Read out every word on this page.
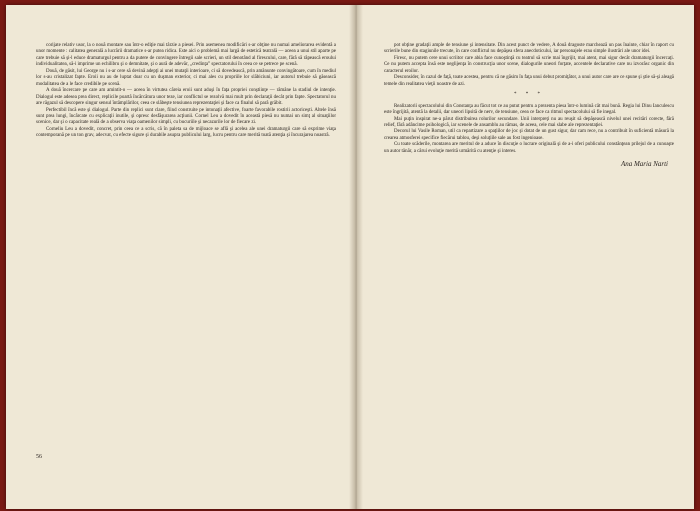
corijate relativ usor, la o nouă montare sau într-o ediţie mai târzie a piesei. Prin asemenea modificări s-ar obţine nu numai ameliorarea evidentă a unor momente : calitatea generală a lucrării dramatice s-ar putea ridica. Este aici o problemă mai largă de estetică teatrală — aceea a unui stil aparte pe care trebuie să şi-l educe dramaturgul pentru a da putere de convingere întregii sale scrieri, un stil denotând al firescului, care, fără să răpească eroului individualitatea, să-i imprime un echilibru şi o demnitate, şi o aură de adevăr, „credinţa” spectatorului în ceea ce se petrece pe scenă.

Două, de găsit, lui George nu i s-ar cere să devină adepţi ai unei mutaţii interioare, ci să dovedească, prin amănunte convingătoare, cum în mediul lor s-au cristalizat fapte. Eroii nu au de luptat doar cu un duşman exterior, ci mai ales cu propriile lor slăbiciuni, iar autorul trebuie să găsească modalitatea de a le face credibile pe scenă.

A două încercare pe care am amintit-o — aceea în virtutea căreia eroii sunt aduşi în faţa propriei conştiinţe — rămâne la stadiul de intenţie. Dialogul este adesea prea direct, replicile poartă încărcătura unor teze, iar conflictul se rezolvă mai mult prin declaraţii decât prin fapte. Spectatorul nu are răgazul să descopere singur sensul întâmplărilor, ceea ce slăbeşte tensiunea reprezentaţiei şi face ca finalul să pară grăbit.

Perfectibil încă este şi dialogul. Parte din replici sunt clare, fiind construite pe intonaţii afective, foarte favorabile rostirii actoriceşti. Altele însă sunt prea lungi, încărcate cu explicaţii inutile, şi opresc desfăşurarea acţiunii. Cornel Leu a dovedit în această piesă nu numai un simţ al situaţiilor scenice, dar şi o capacitate reală de a observa viaţa oamenilor simpli, cu bucuriile şi necazurile lor de fiecare zi.

Corneliu Leu a dovedit, concret, prin ceea ce a scris, că în paleta sa de mijloace se află şi acelea ale unei dramaturgii care să exprime viaţa contemporană pe un ton grav, adecvat, cu efecte sigure şi durabile asupra publicului larg, lucru pentru care merită toată atenţia şi încurajarea noastră.

56

pot obţine gradaţii ample de tensiune şi intensitate. Din acest punct de vedere, A două dragoste marchează un pas înainte, chiar în raport cu scrierile bune din stagiunile trecute, în care conflictul nu depăşea sfera anecdoticului, iar personajele erau simple ilustrări ale unor idei.

Firesc, nu putem cere unui scriitor care abia face cunoştinţă cu teatrul să scrie mai îngrijit, mai atent, mai sigur decât dramaturgii încercaţi. Ce nu putem accepta însă este neglijenţa în construcţia unor scene, dialogurile uneori forţate, accentele declarative care nu izvorăsc organic din caracterul eroilor.

Desconsider, în cazul de faţă, toate acestea, pentru că ne găsim în faţa unui debut promiţător, a unui autor care are ce spune şi ştie să-şi aleagă temele din realitatea vieţii noastre de azi.

* * *

Realizatorii spectacolului din Constanţa au făcut tot ce au putut pentru a prezenta piesa într-o lumină cât mai bună. Regia lui Dinu Ianculescu este îngrijită, atentă la detalii, dar uneori lipsită de nerv, de tensiune, ceea ce face ca ritmul spectacolului să fie inegal.

Mai puţin inspirat ne-a părut distribuirea rolurilor secundare. Unii interpreţi nu au reuşit să depăşească nivelul unei recitări corecte, fără relief, fără adâncime psihologică, iar scenele de ansamblu au rămas, de aceea, cele mai slabe ale reprezentaţiei.

Decorul lui Vasile Roman, util ca repartizare a spaţiilor de joc şi dotat de un gust sigur, dar cam rece, nu a contribuit în suficientă măsură la crearea atmosferei specifice fiecărui tablou, deşi soluţiile sale au fost ingenioase.

Cu toate scăderile, montarea are meritul de a aduce în discuţie o lucrare originală şi de a-i oferi publicului constănţean prilejul de a cunoaşte un autor tânăr, a cărui evoluţie merită urmărită cu atenţie şi interes.

Ana Maria Narti
